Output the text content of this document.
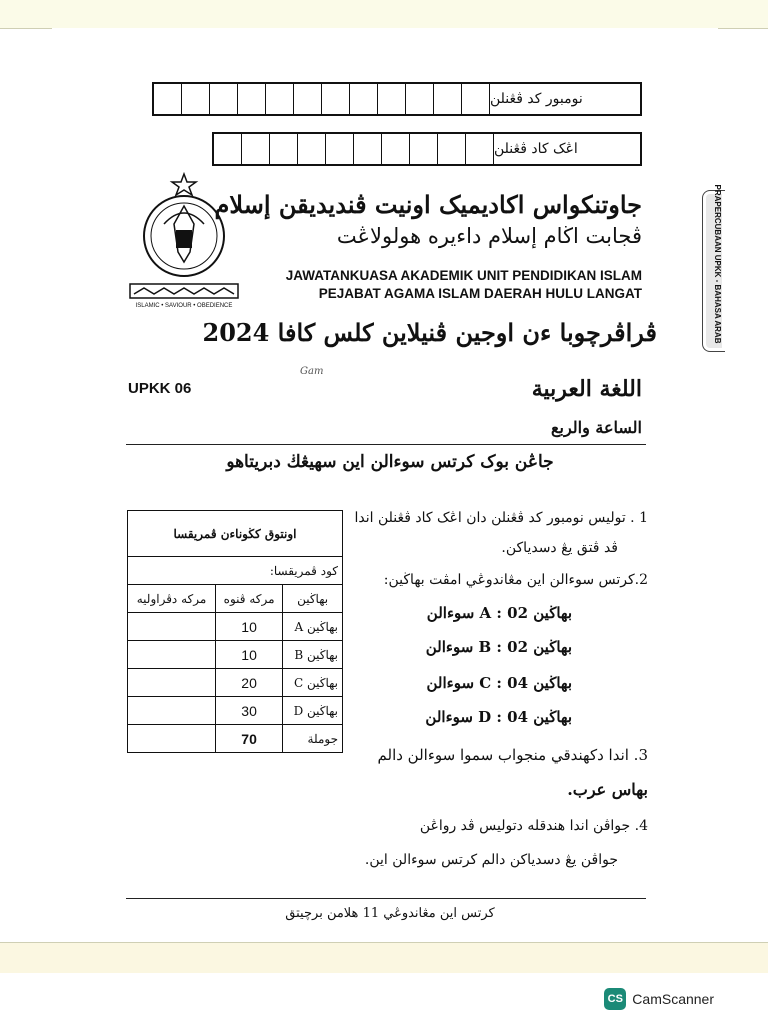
نومبور كد ڤڠنلن
اڠک کاد ڤڠنلن
ISLAMIC • SAVIOUR • OBEDIENCE
جاوتنكواس اكاديميک اونيت ڤنديديقن إسلام
ڤجابت اڬام إسلام داءيره هولولاڠت
JAWATANKUASA AKADEMIK UNIT PENDIDIKAN ISLAM
PEJABAT AGAMA ISLAM DAERAH HULU LANGAT	PRAPERCUBAAN UPKK - BAHASA ARAB
ڤراڤرچوبا ءن اوجين ڤنيلاين كلس كافا 2024
UPKK 06
Gam
اللغة العربية
الساعة والربع
جاڠن بوک كرتس سوءالن اين سهيڠڬ دبريتاهو
اونتوق كڬوناءن ڤمريقسا		
كود ڤمريقسا:		
بهاڬين	مركه ڤنوه	مركه دڤراوليه
بهاڬين A	10	
بهاڬين B	10	
بهاڬين C	20	
بهاڬين D	30	
جوملة	70	
1 . توليس نومبور كد ڤڠنلن دان اڠک کاد ڤڠنلن اندا
ڤد ڤتق يڠ دسدياكن.
2.كرتس سوءالن اين مڠاندوڠي امڤت بهاڬين:
بهاڬين A : 02 سوءالن
بهاڬين B : 02 سوءالن
بهاڬين C : 04 سوءالن
بهاڬين D : 04 سوءالن
3. اندا دكهندقي منجواب سموا سوءالن دالم
بهاس عرب.
4. جواڤن اندا هندقله دتوليس ڤد رواڠن
جواڤن يڠ دسدياكن دالم كرتس سوءالن اين.
كرتس اين مڠاندوڠي 11 هلامن برچيتق
CS CamScanner
